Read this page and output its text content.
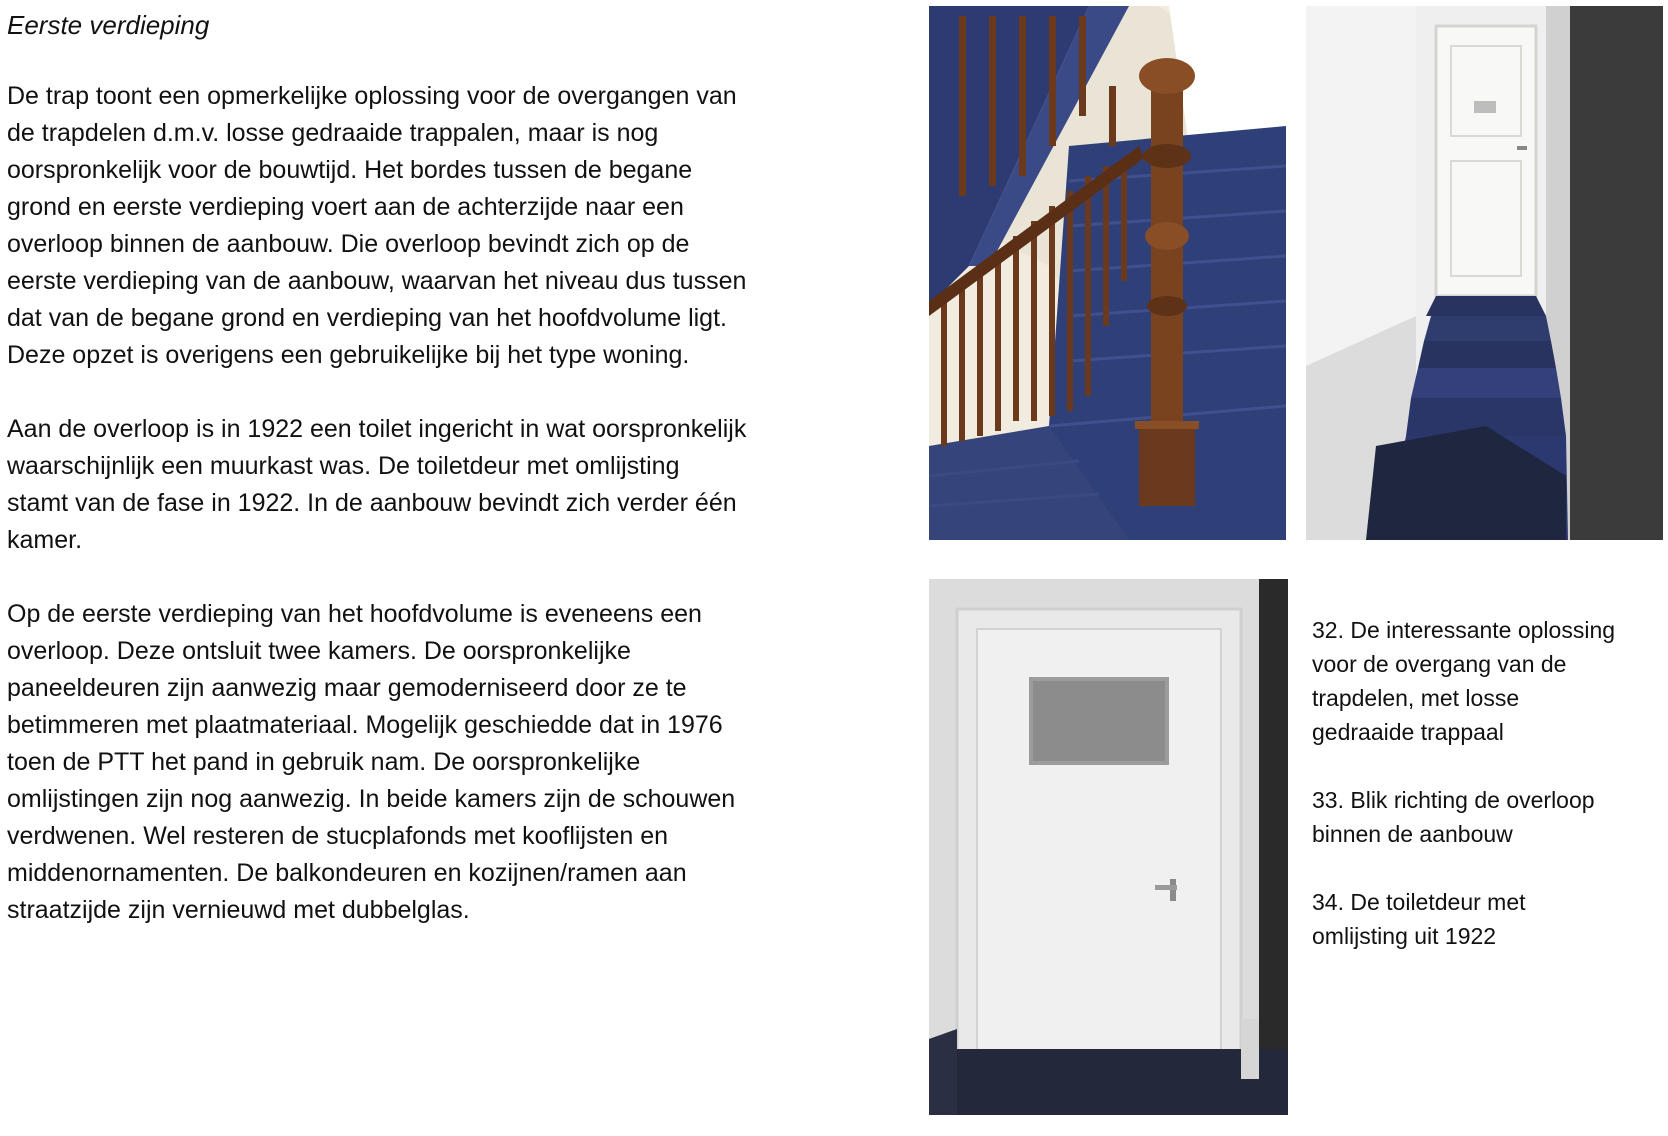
Eerste verdieping

De trap toont een opmerkelijke oplossing voor de overgangen van
de trapdelen d.m.v. losse gedraaide trappalen, maar is nog
oorspronkelijk voor de bouwtijd. Het bordes tussen de begane
grond en eerste verdieping voert aan de achterzijde naar een
overloop binnen de aanbouw. Die overloop bevindt zich op de
eerste verdieping van de aanbouw, waarvan het niveau dus tussen
dat van de begane grond en verdieping van het hoofdvolume ligt.
Deze opzet is overigens een gebruikelijke bij het type woning.

Aan de overloop is in 1922 een toilet ingericht in wat oorspronkelijk
waarschijnlijk een muurkast was. De toiletdeur met omlijsting
stamt van de fase in 1922. In de aanbouw bevindt zich verder één
kamer.

Op de eerste verdieping van het hoofdvolume is eveneens een
overloop. Deze ontsluit twee kamers. De oorspronkelijke
paneeldeuren zijn aanwezig maar gemoderniseerd door ze te
betimmeren met plaatmateriaal. Mogelijk geschiedde dat in 1976
toen de PTT het pand in gebruik nam. De oorspronkelijke
omlijstingen zijn nog aanwezig. In beide kamers zijn de schouwen
verdwenen. Wel resteren de stucplafonds met kooflijsten en
middenornamenten. De balkondeuren en kozijnen/ramen aan
straatzijde zijn vernieuwd met dubbelglas.

32. De interessante oplossing
voor de overgang van de
trapdelen, met losse
gedraaide trappaal

33. Blik richting de overloop
binnen de aanbouw

34. De toiletdeur met
omlijsting uit 1922
